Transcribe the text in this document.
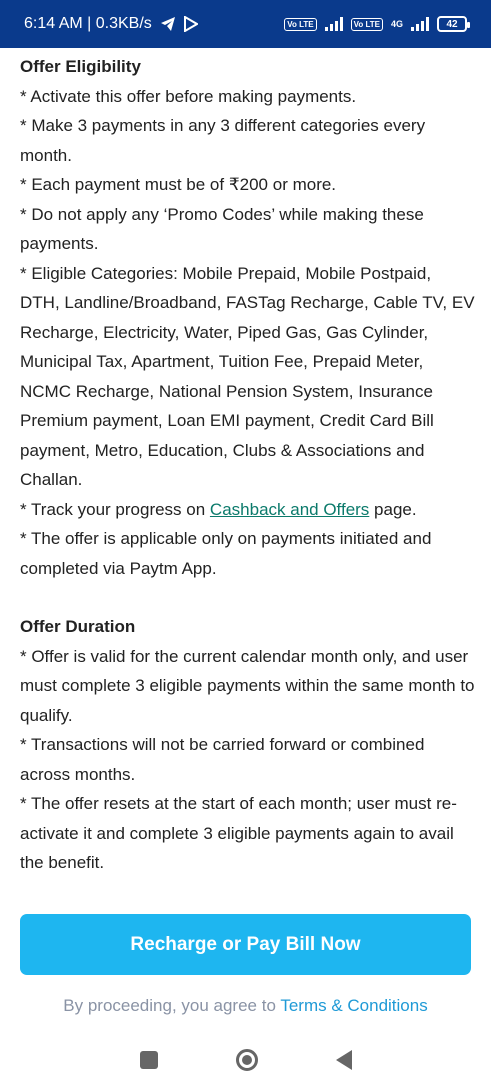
6:14 AM | 0.3KB/s	Vo LTE	Vo LTE	4G	42
Offer Eligibility
* Activate this offer before making payments.
* Make 3 payments in any 3 different categories every month.
* Each payment must be of ₹200 or more.
* Do not apply any ‘Promo Codes’ while making these payments.
* Eligible Categories: Mobile Prepaid, Mobile Postpaid, DTH, Landline/Broadband, FASTag Recharge, Cable TV, EV Recharge, Electricity, Water, Piped Gas, Gas Cylinder, Municipal Tax, Apartment, Tuition Fee, Prepaid Meter, NCMC Recharge, National Pension System, Insurance Premium payment, Loan EMI payment, Credit Card Bill payment, Metro, Education, Clubs & Associations and Challan.
* Track your progress on Cashback and Offers page.
* The offer is applicable only on payments initiated and completed via Paytm App.
Offer Duration
* Offer is valid for the current calendar month only, and user must complete 3 eligible payments within the same month to qualify.
* Transactions will not be carried forward or combined across months.
* The offer resets at the start of each month; user must re-activate it and complete 3 eligible payments again to avail the benefit.
Recharge or Pay Bill Now
By proceeding, you agree to Terms & Conditions
